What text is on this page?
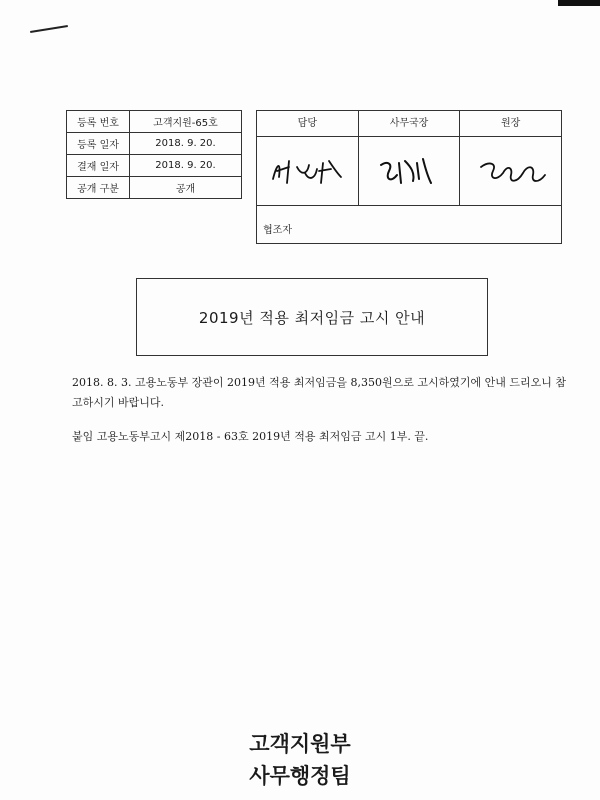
등록 번호	고객지원-65호
등록 일자	2018. 9. 20.
결재 일자	2018. 9. 20.
공개 구분	공개
담당	사무국장	원장
협조자
2019년 적용 최저임금 고시 안내
2018. 8. 3. 고용노동부 장관이 2019년 적용 최저임금을 8,350원으로 고시하였기에 안내 드리오니 참고하시기 바랍니다.
붙임 고용노동부고시 제2018 - 63호 2019년 적용 최저임금 고시 1부. 끝.
고객지원부
사무행정팀
